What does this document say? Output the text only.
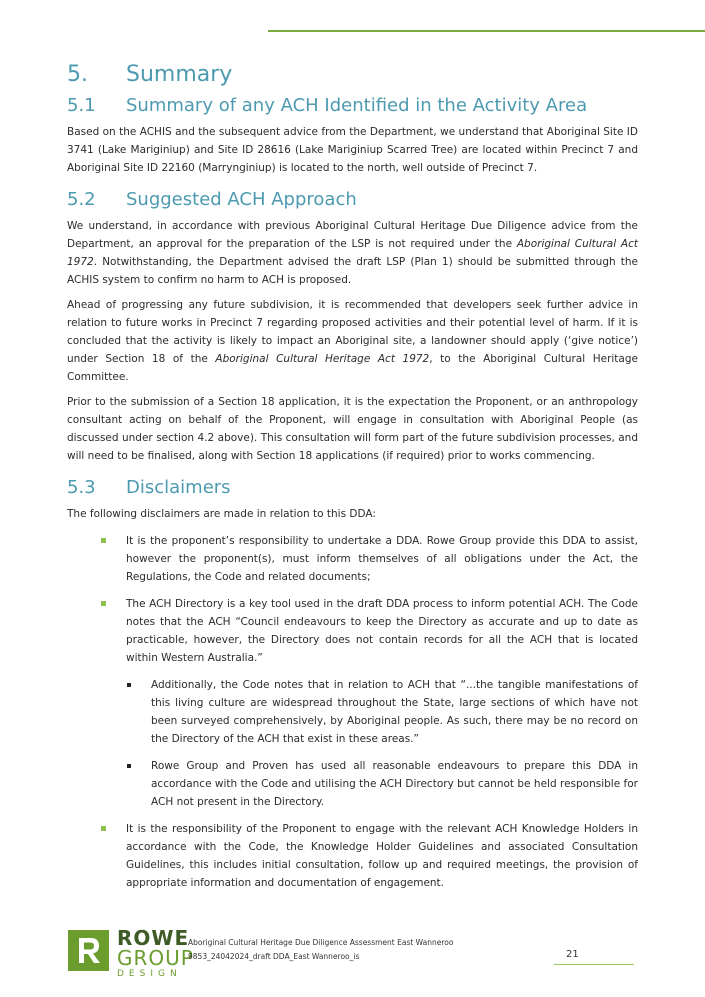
5.	Summary
5.1	Summary of any ACH Identified in the Activity Area

Based on the ACHIS and the subsequent advice from the Department, we understand that Aboriginal Site ID 3741 (Lake Mariginiup) and Site ID 28616 (Lake Mariginiup Scarred Tree) are located within Precinct 7 and Aboriginal Site ID 22160 (Marrynginiup) is located to the north, well outside of Precinct 7.

5.2	Suggested ACH Approach

We understand, in accordance with previous Aboriginal Cultural Heritage Due Diligence advice from the Department, an approval for the preparation of the LSP is not required under the Aboriginal Cultural Act 1972. Notwithstanding, the Department advised the draft LSP (Plan 1) should be submitted through the ACHIS system to confirm no harm to ACH is proposed.

Ahead of progressing any future subdivision, it is recommended that developers seek further advice in relation to future works in Precinct 7 regarding proposed activities and their potential level of harm. If it is concluded that the activity is likely to impact an Aboriginal site, a landowner should apply (‘give notice’) under Section 18 of the Aboriginal Cultural Heritage Act 1972, to the Aboriginal Cultural Heritage Committee.

Prior to the submission of a Section 18 application, it is the expectation the Proponent, or an anthropology consultant acting on behalf of the Proponent, will engage in consultation with Aboriginal People (as discussed under section 4.2 above). This consultation will form part of the future subdivision processes, and will need to be finalised, along with Section 18 applications (if required) prior to works commencing.

5.3	Disclaimers

The following disclaimers are made in relation to this DDA:

It is the proponent’s responsibility to undertake a DDA. Rowe Group provide this DDA to assist, however the proponent(s), must inform themselves of all obligations under the Act, the Regulations, the Code and related documents;
The ACH Directory is a key tool used in the draft DDA process to inform potential ACH. The Code notes that the ACH “Council endeavours to keep the Directory as accurate and up to date as practicable, however, the Directory does not contain records for all the ACH that is located within Western Australia.”
Additionally, the Code notes that in relation to ACH that “...the tangible manifestations of this living culture are widespread throughout the State, large sections of which have not been surveyed comprehensively, by Aboriginal people. As such, there may be no record on the Directory of the ACH that exist in these areas.”
Rowe Group and Proven has used all reasonable endeavours to prepare this DDA in accordance with the Code and utilising the ACH Directory but cannot be held responsible for ACH not present in the Directory.
It is the responsibility of the Proponent to engage with the relevant ACH Knowledge Holders in accordance with the Code, the Knowledge Holder Guidelines and associated Consultation Guidelines, this includes initial consultation, follow up and required meetings, the provision of appropriate information and documentation of engagement.
ROWE
GROUP
DESIGN
Aboriginal Cultural Heritage Due Diligence Assessment East Wanneroo
9853_24042024_draft DDA_East Wanneroo_is	21
